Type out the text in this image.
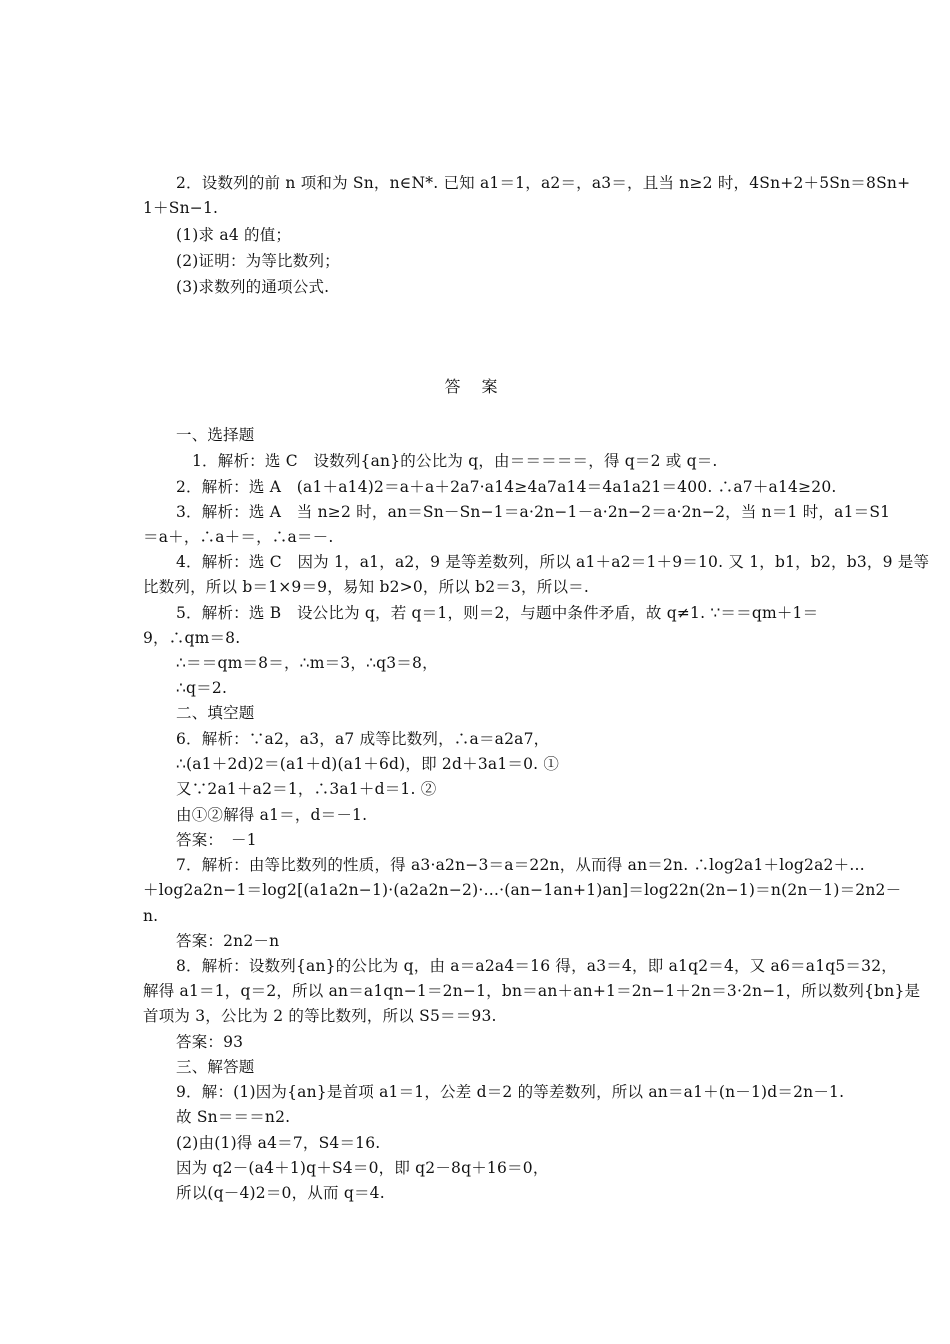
2．设数列的前 n 项和为 Sn，n∈N*. 已知 a1＝1，a2＝，a3＝，且当 n≥2 时，4Sn+2＋5Sn＝8Sn+
1＋Sn−1.
(1)求 a4 的值；
(2)证明：为等比数列；
(3)求数列的通项公式.
答 案
一、选择题
1．解析：选 C　设数列{an}的公比为 q，由＝＝＝＝＝，得 q＝2 或 q＝.
2．解析：选 A　(a1＋a14)2＝a＋a＋2a7·a14≥4a7a14＝4a1a21＝400. ∴a7＋a14≥20.
3．解析：选 A　当 n≥2 时，an＝Sn－Sn−1＝a·2n−1－a·2n−2＝a·2n−2，当 n＝1 时，a1＝S1
＝a＋，∴a＋＝，∴a＝－.
4．解析：选 C　因为 1，a1，a2，9 是等差数列，所以 a1＋a2＝1＋9＝10. 又 1，b1，b2，b3，9 是等
比数列，所以 b＝1×9＝9，易知 b2>0，所以 b2＝3，所以＝.
5．解析：选 B　设公比为 q，若 q＝1，则＝2，与题中条件矛盾，故 q≠1. ∵＝＝qm＋1＝
9，∴qm＝8.
∴＝＝qm＝8＝，∴m＝3，∴q3＝8，
∴q＝2.
二、填空题
6．解析：∵a2，a3，a7 成等比数列，∴a＝a2a7，
∴(a1＋2d)2＝(a1＋d)(a1＋6d)，即 2d＋3a1＝0. ①
又∵2a1＋a2＝1，∴3a1＋d＝1. ②
由①②解得 a1＝，d＝－1.
答案：　－1
7．解析：由等比数列的性质，得 a3·a2n−3＝a＝22n，从而得 an＝2n. ∴log2a1＋log2a2＋…
＋log2a2n−1＝log2[(a1a2n−1)·(a2a2n−2)·…·(an−1an+1)an]＝log22n(2n−1)＝n(2n－1)＝2n2－
n.
答案：2n2－n
8．解析：设数列{an}的公比为 q，由 a＝a2a4＝16 得，a3＝4，即 a1q2＝4，又 a6＝a1q5＝32，
解得 a1＝1，q＝2，所以 an＝a1qn−1＝2n−1，bn＝an＋an+1＝2n−1＋2n＝3·2n−1，所以数列{bn}是
首项为 3，公比为 2 的等比数列，所以 S5＝＝93.
答案：93
三、解答题
9．解：(1)因为{an}是首项 a1＝1，公差 d＝2 的等差数列，所以 an＝a1＋(n－1)d＝2n－1.
故 Sn＝＝＝n2.
(2)由(1)得 a4＝7，S4＝16.
因为 q2－(a4＋1)q＋S4＝0，即 q2－8q＋16＝0，
所以(q－4)2＝0，从而 q＝4.
